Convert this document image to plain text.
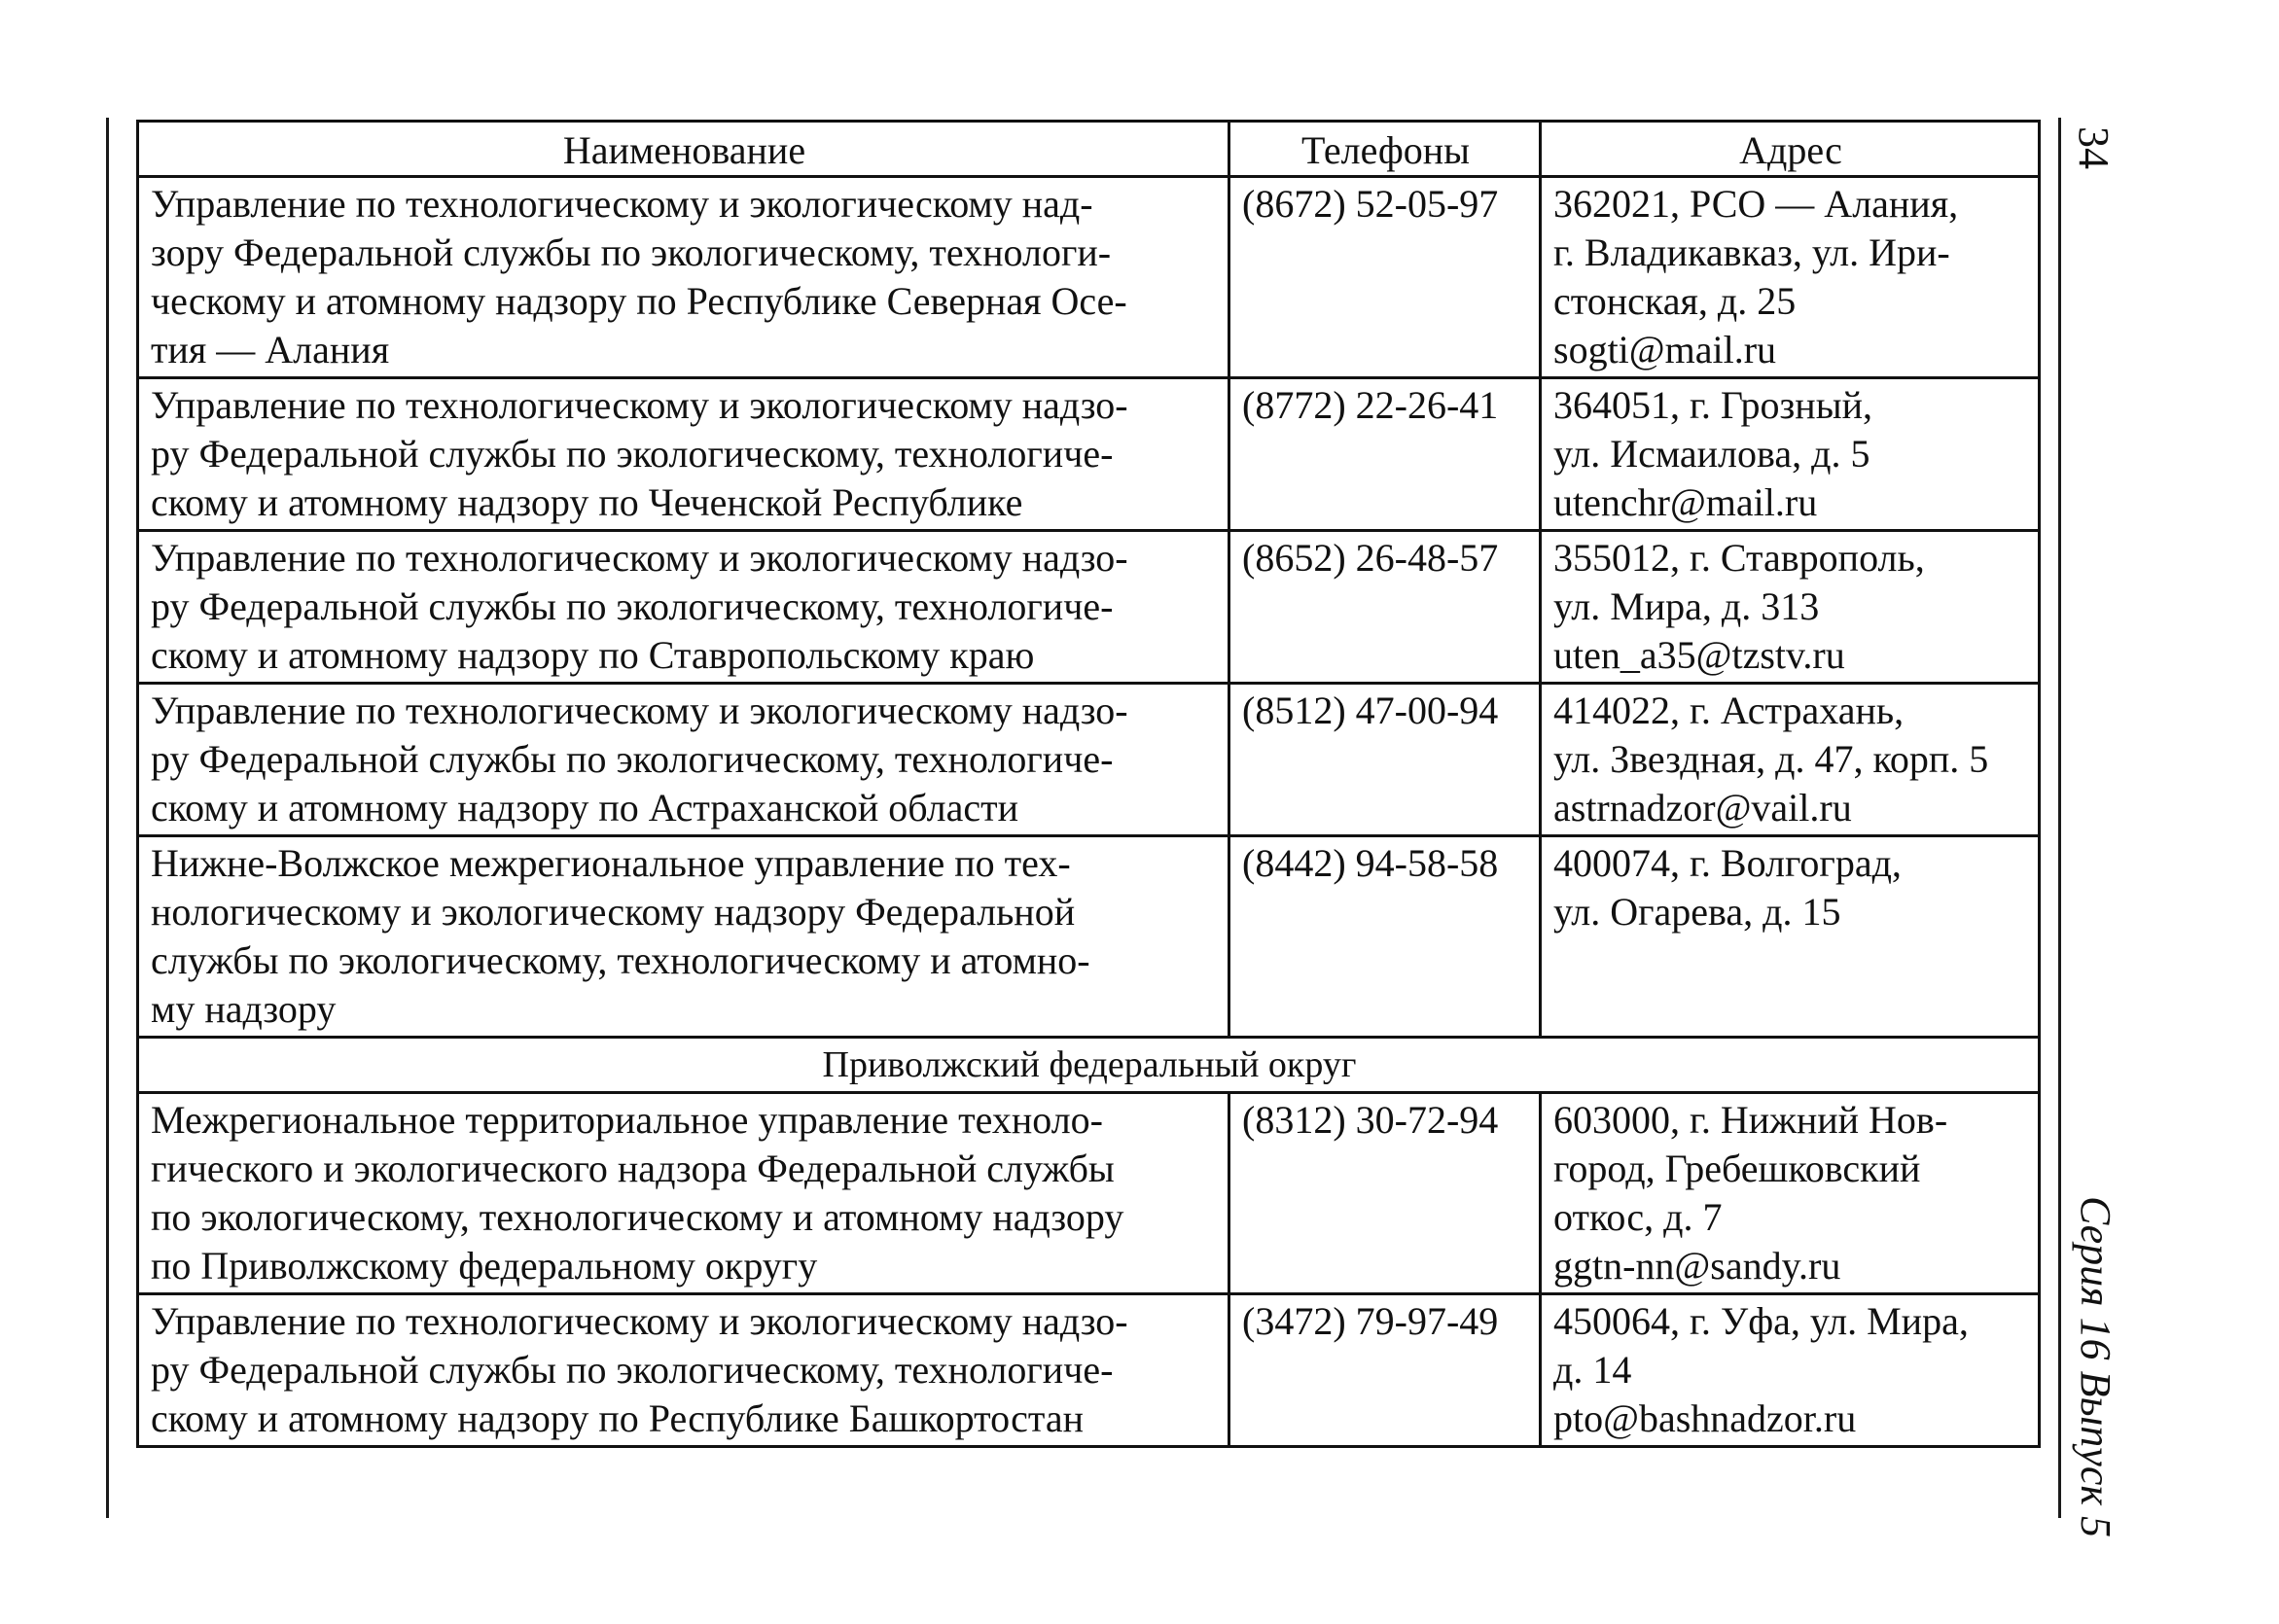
34
Серия 16 Выпуск 5
Наименование	Телефоны	Адрес

Управление по технологическому и экологическому над-
зору Федеральной службы по экологическому, технологи-
ческому и атомному надзору по Республике Северная Осе-
тия — Алания	(8672) 52-05-97	362021, РСО — Алания,
г. Владикавказ, ул. Ири-
стонская, д. 25
sogti@mail.ru

Управление по технологическому и экологическому надзо-
ру Федеральной службы по экологическому, технологиче-
скому и атомному надзору по Чеченской Республике	(8772) 22-26-41	364051, г. Грозный,
ул. Исмаилова, д. 5
utenchr@mail.ru

Управление по технологическому и экологическому надзо-
ру Федеральной службы по экологическому, технологиче-
скому и атомному надзору по Ставропольскому краю	(8652) 26-48-57	355012, г. Ставрополь,
ул. Мира, д. 313
uten_a35@tzstv.ru

Управление по технологическому и экологическому надзо-
ру Федеральной службы по экологическому, технологиче-
скому и атомному надзору по Астраханской области	(8512) 47-00-94	414022, г. Астрахань,
ул. Звездная, д. 47, корп. 5
astrnadzor@vail.ru

Нижне-Волжское межрегиональное управление по тех-
нологическому и экологическому надзору Федеральной
службы по экологическому, технологическому и атомно-
му надзору	(8442) 94-58-58	400074, г. Волгоград,
ул. Огарева, д. 15

Приволжский федеральный округ		

Межрегиональное территориальное управление техноло-
гического и экологического надзора Федеральной службы
по экологическому, технологическому и атомному надзору
по Приволжскому федеральному округу	(8312) 30-72-94	603000, г. Нижний Нов-
город, Гребешковский
откос, д. 7
ggtn-nn@sandy.ru

Управление по технологическому и экологическому надзо-
ру Федеральной службы по экологическому, технологиче-
скому и атомному надзору по Республике Башкортостан	(3472) 79-97-49	450064, г. Уфа, ул. Мира,
д. 14
pto@bashnadzor.ru
